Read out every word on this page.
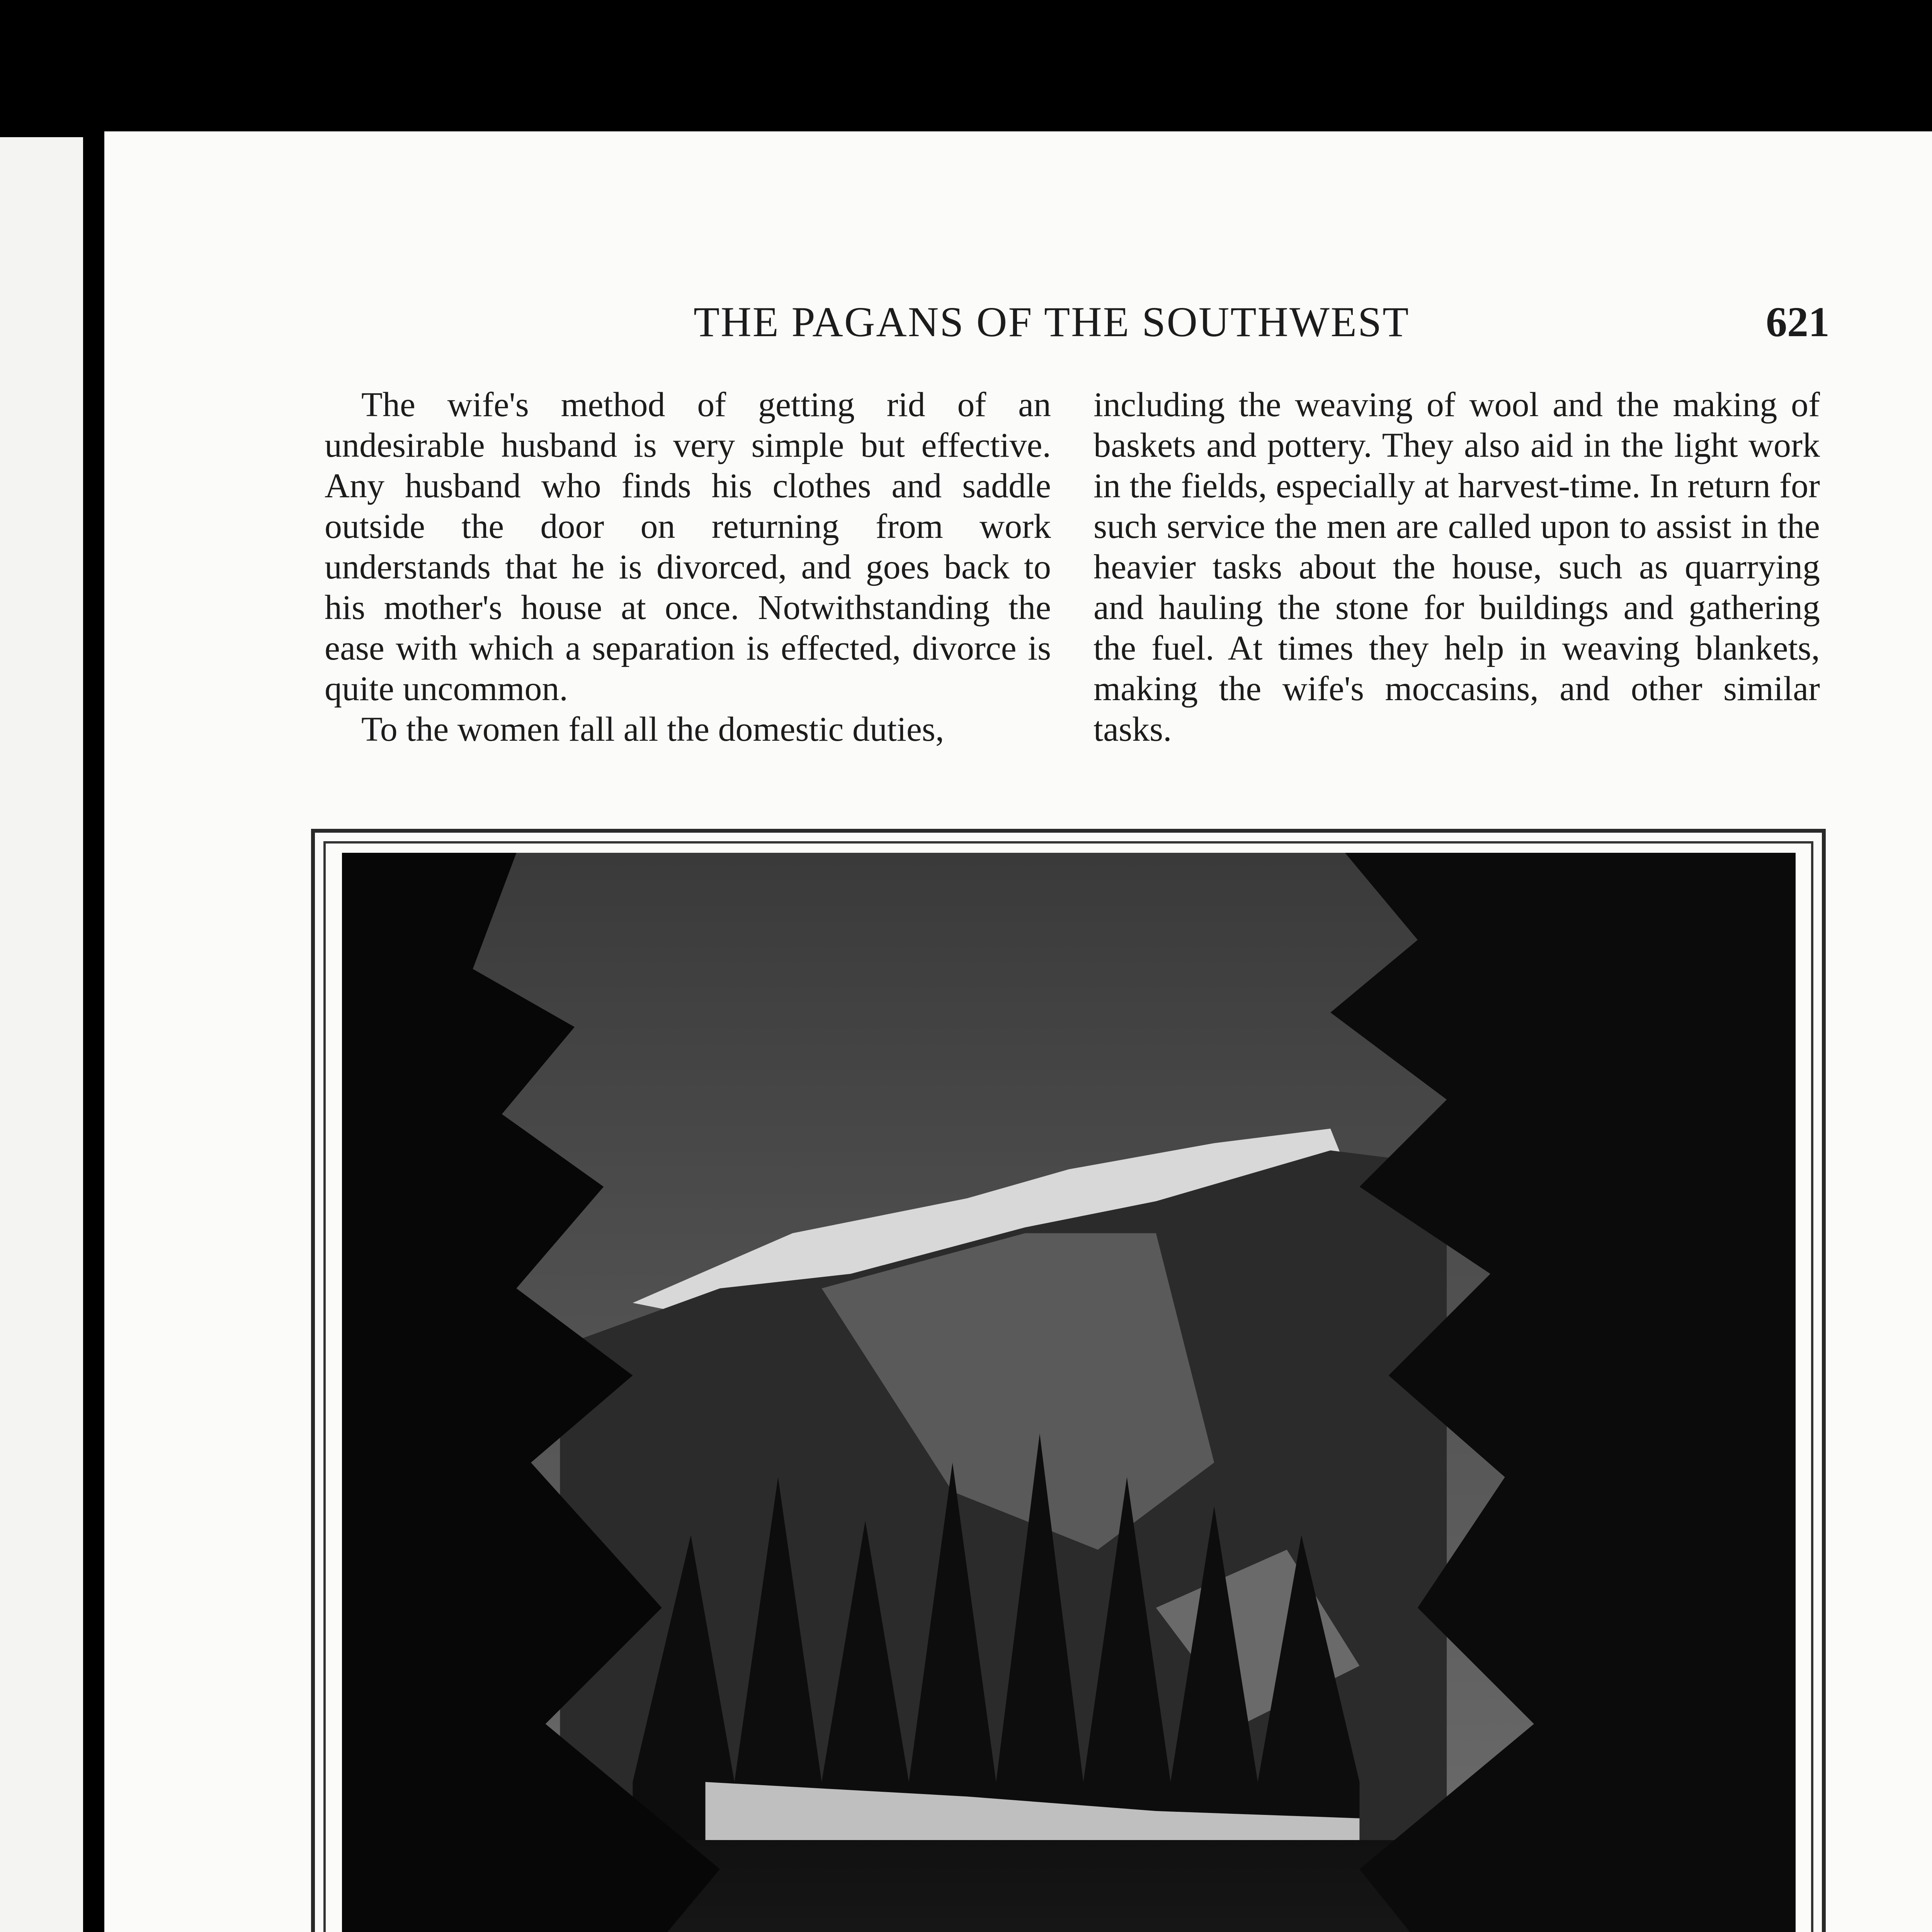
THE PAGANS OF THE SOUTHWEST	621

The wife's method of getting rid of an undesirable husband is very simple but effective. Any husband who finds his clothes and saddle outside the door on returning from work understands that he is divorced, and goes back to his mother's house at once. Notwithstanding the ease with which a separation is effected, divorce is quite uncommon.

To the women fall all the domestic duties,

including the weaving of wool and the making of baskets and pottery. They also aid in the light work in the fields, especially at harvest-time. In return for such service the men are called upon to assist in the heavier tasks about the house, such as quarrying and hauling the stone for buildings and gathering the fuel. At times they help in weaving blankets, making the wife's moccasins, and other similar tasks.
